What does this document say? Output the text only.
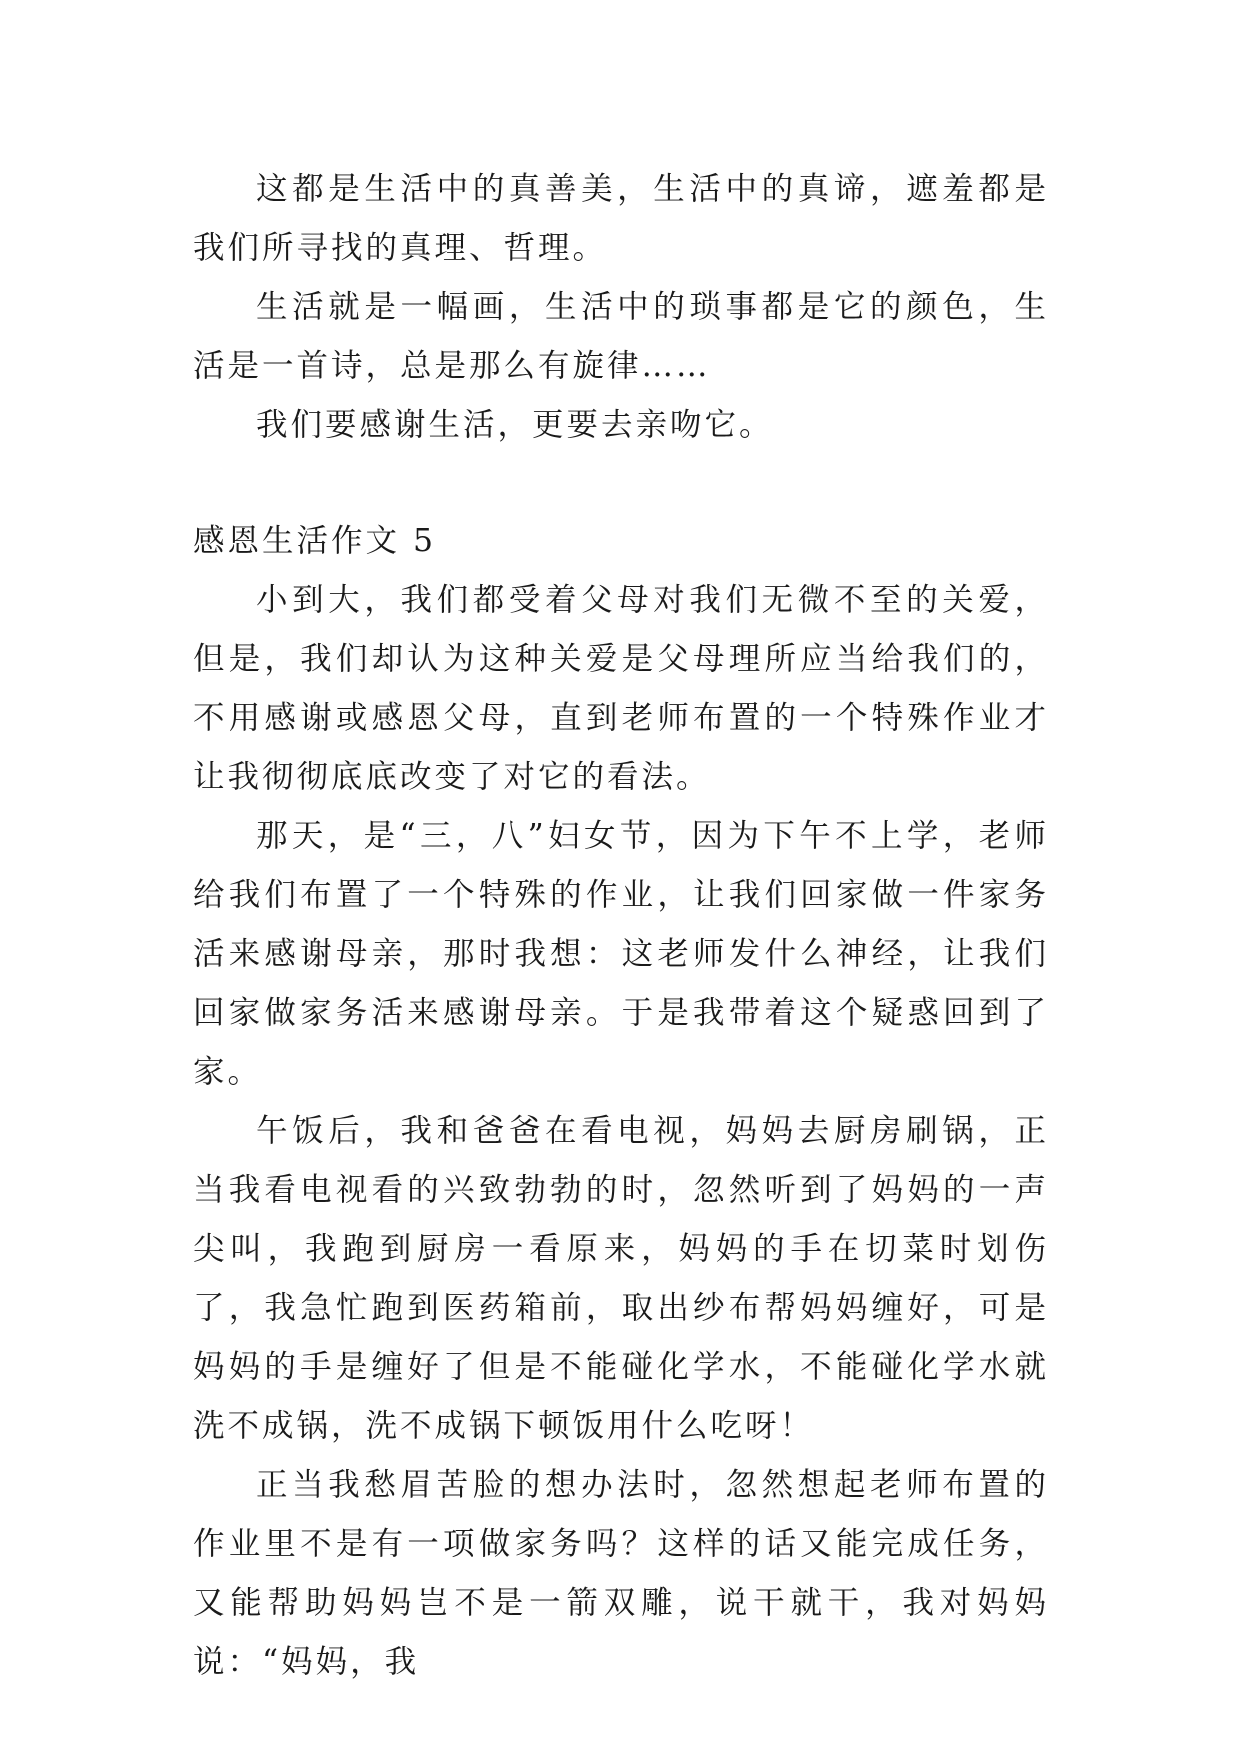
这都是生活中的真善美，生活中的真谛，遮羞都是我们所寻找的真理、哲理。

生活就是一幅画，生活中的琐事都是它的颜色，生活是一首诗，总是那么有旋律……

我们要感谢生活，更要去亲吻它。

感恩生活作文 5

小到大，我们都受着父母对我们无微不至的关爱，但是，我们却认为这种关爱是父母理所应当给我们的，不用感谢或感恩父母，直到老师布置的一个特殊作业才让我彻彻底底改变了对它的看法。

那天，是“三，八”妇女节，因为下午不上学，老师给我们布置了一个特殊的作业，让我们回家做一件家务活来感谢母亲，那时我想：这老师发什么神经，让我们回家做家务活来感谢母亲。于是我带着这个疑惑回到了家。

午饭后，我和爸爸在看电视，妈妈去厨房刷锅，正当我看电视看的兴致勃勃的时，忽然听到了妈妈的一声尖叫，我跑到厨房一看原来，妈妈的手在切菜时划伤了，我急忙跑到医药箱前，取出纱布帮妈妈缠好，可是妈妈的手是缠好了但是不能碰化学水，不能碰化学水就洗不成锅，洗不成锅下顿饭用什么吃呀！

正当我愁眉苦脸的想办法时，忽然想起老师布置的作业里不是有一项做家务吗？这样的话又能完成任务，又能帮助妈妈岂不是一箭双雕，说干就干，我对妈妈说：“妈妈，我
